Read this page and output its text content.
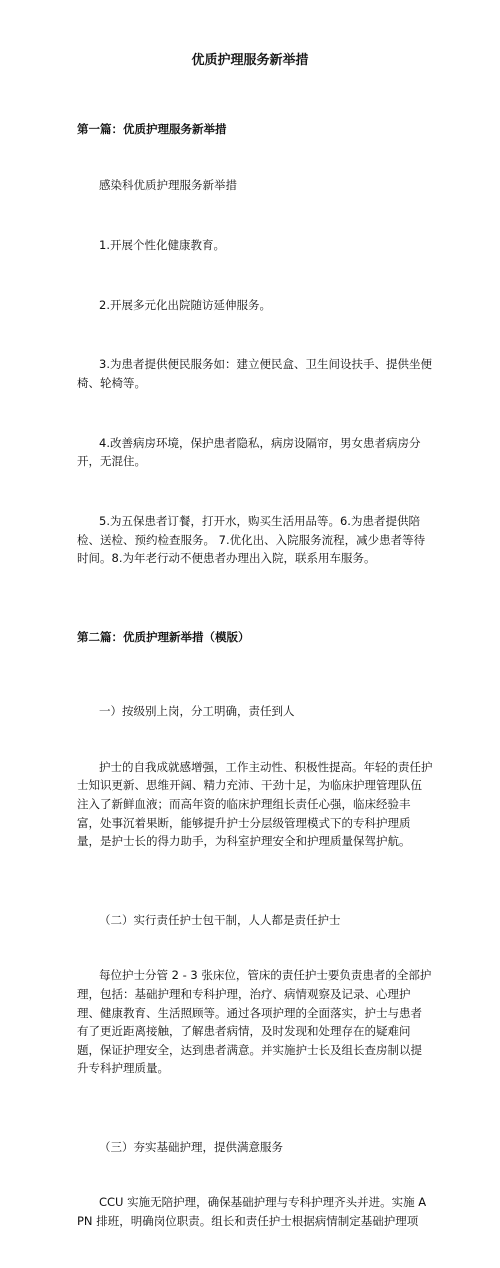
优质护理服务新举措

第一篇：优质护理服务新举措

感染科优质护理服务新举措

1.开展个性化健康教育。

2.开展多元化出院随访延伸服务。

3.为患者提供便民服务如：建立便民盒、卫生间设扶手、提供坐便椅、轮椅等。

4.改善病房环境，保护患者隐私，病房设隔帘，男女患者病房分开，无混住。

5.为五保患者订餐，打开水，购买生活用品等。6.为患者提供陪检、送检、预约检查服务。 7.优化出、入院服务流程，减少患者等待时间。8.为年老行动不便患者办理出入院，联系用车服务。

第二篇：优质护理新举措（模版）

一）按级别上岗，分工明确，责任到人

护士的自我成就感增强，工作主动性、积极性提高。年轻的责任护士知识更新、思维开阔、精力充沛、干劲十足，为临床护理管理队伍注入了新鲜血液；而高年资的临床护理组长责任心强，临床经验丰富，处事沉着果断，能够提升护士分层级管理模式下的专科护理质量，是护士长的得力助手，为科室护理安全和护理质量保驾护航。

（二）实行责任护士包干制，人人都是责任护士

每位护士分管 2 - 3 张床位，管床的责任护士要负责患者的全部护理，包括：基础护理和专科护理，治疗、病情观察及记录、心理护理、健康教育、生活照顾等。通过各项护理的全面落实，护士与患者有了更近距离接触，了解患者病情，及时发现和处理存在的疑难问题，保证护理安全，达到患者满意。并实施护士长及组长查房制以提升专科护理质量。

（三）夯实基础护理，提供满意服务

CCU 实施无陪护理，确保基础护理与专科护理齐头并进。实施 APN 排班，明确岗位职责。组长和责任护士根据病情制定基础护理项
